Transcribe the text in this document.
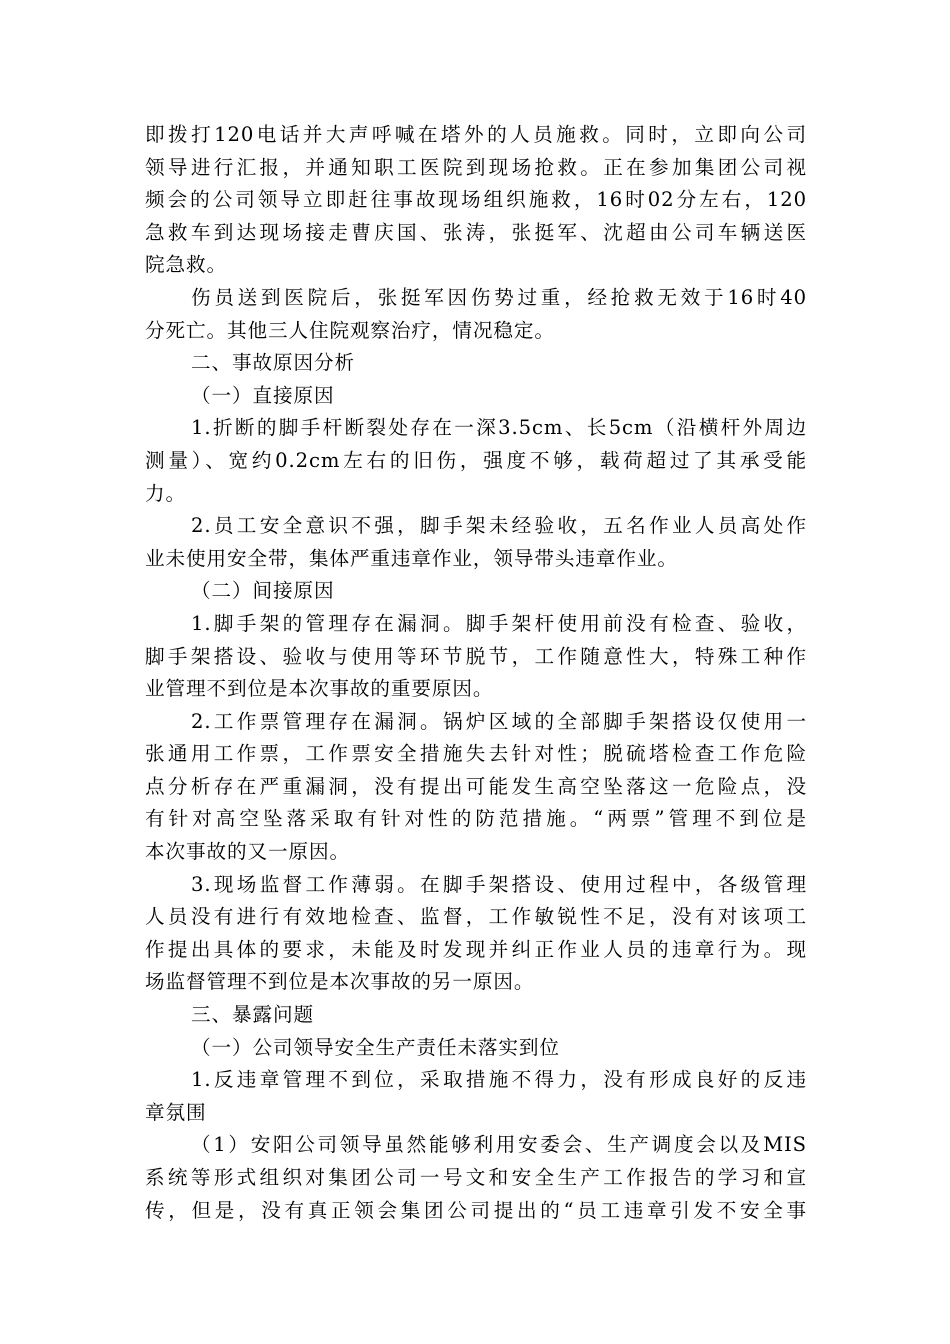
即拨打120电话并大声呼喊在塔外的人员施救。同时，立即向公司
领导进行汇报，并通知职工医院到现场抢救。正在参加集团公司视
频会的公司领导立即赶往事故现场组织施救，16时02分左右，120
急救车到达现场接走曹庆国、张涛，张挺军、沈超由公司车辆送医
院急救。
伤员送到医院后，张挺军因伤势过重，经抢救无效于16时40
分死亡。其他三人住院观察治疗，情况稳定。
二、事故原因分析
（一）直接原因
1.折断的脚手杆断裂处存在一深3.5cm、长5cm（沿横杆外周边
测量）、宽约0.2cm左右的旧伤，强度不够，载荷超过了其承受能
力。
2.员工安全意识不强，脚手架未经验收，五名作业人员高处作
业未使用安全带，集体严重违章作业，领导带头违章作业。
（二）间接原因
1.脚手架的管理存在漏洞。脚手架杆使用前没有检查、验收，
脚手架搭设、验收与使用等环节脱节，工作随意性大，特殊工种作
业管理不到位是本次事故的重要原因。
2.工作票管理存在漏洞。锅炉区域的全部脚手架搭设仅使用一
张通用工作票，工作票安全措施失去针对性；脱硫塔检查工作危险
点分析存在严重漏洞，没有提出可能发生高空坠落这一危险点，没
有针对高空坠落采取有针对性的防范措施。“两票”管理不到位是
本次事故的又一原因。
3.现场监督工作薄弱。在脚手架搭设、使用过程中，各级管理
人员没有进行有效地检查、监督，工作敏锐性不足，没有对该项工
作提出具体的要求，未能及时发现并纠正作业人员的违章行为。现
场监督管理不到位是本次事故的另一原因。
三、暴露问题
（一）公司领导安全生产责任未落实到位
1.反违章管理不到位，采取措施不得力，没有形成良好的反违
章氛围
（1）安阳公司领导虽然能够利用安委会、生产调度会以及MIS
系统等形式组织对集团公司一号文和安全生产工作报告的学习和宣
传，但是，没有真正领会集团公司提出的“员工违章引发不安全事
